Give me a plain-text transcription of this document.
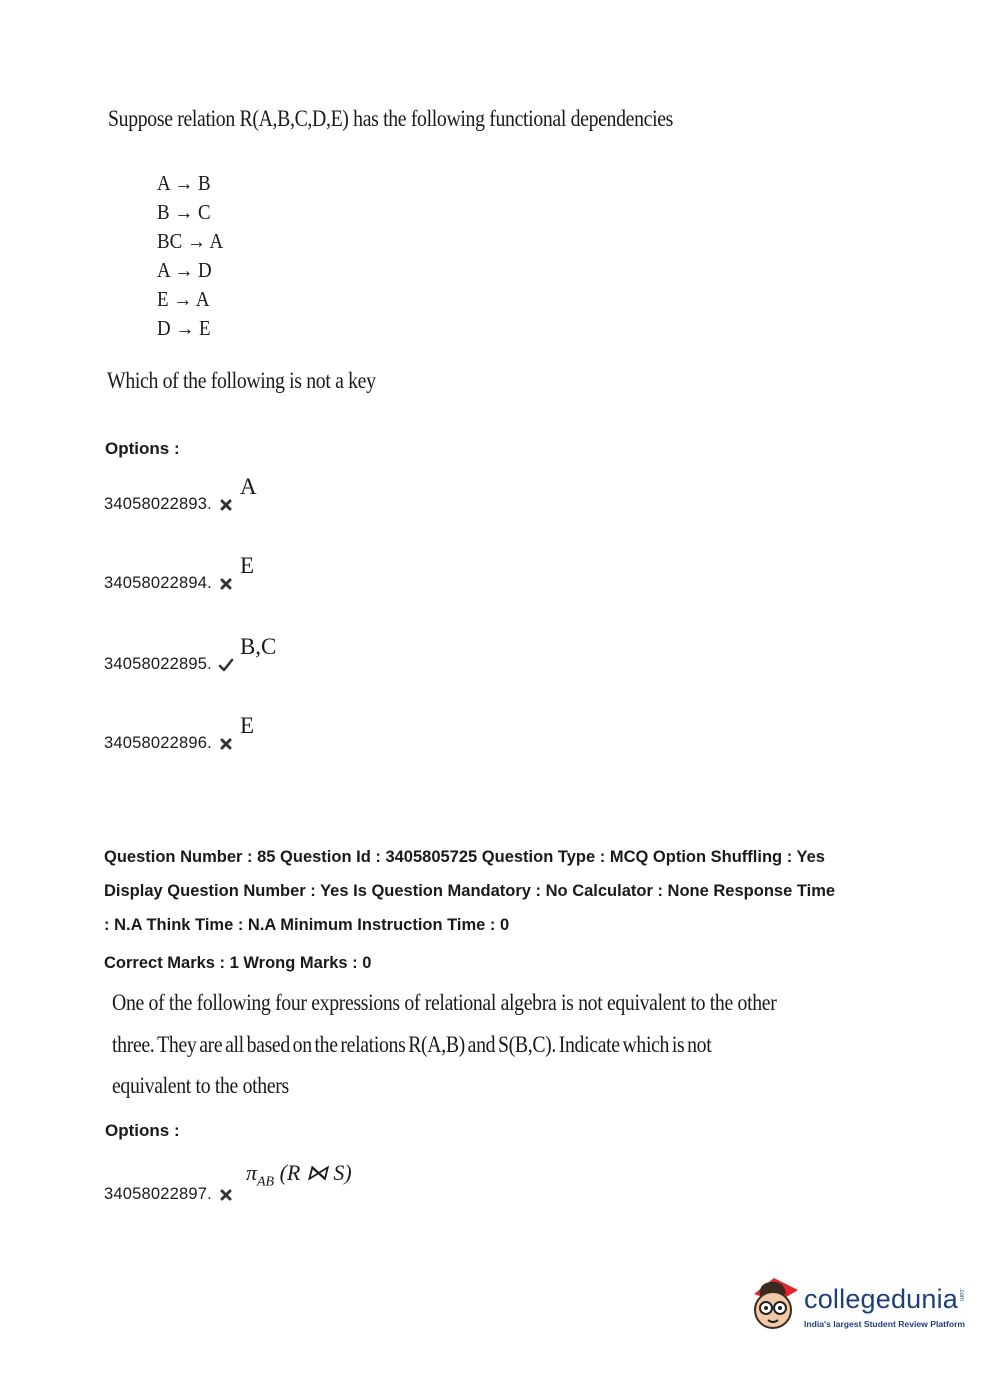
Suppose relation R(A,B,C,D,E) has the following functional dependencies
A → B
B → C
BC → A
A → D
E → A
D → E
Which of the following is not a key
Options :
34058022893.
A
34058022894.
E
34058022895.
B,C
34058022896.
E
Question Number : 85 Question Id : 3405805725 Question Type : MCQ Option Shuffling : Yes
Display Question Number : Yes Is Question Mandatory : No Calculator : None Response Time
: N.A Think Time : N.A Minimum Instruction Time : 0
Correct Marks : 1 Wrong Marks : 0
One of the following four expressions of relational algebra is not equivalent to the other
three. They are all based on the relations R(A,B) and S(B,C). Indicate which is not
equivalent to the others
Options :
34058022897.
$\pi_{AB}$ (R ⋈ S)
collegedunia .com
India's largest Student Review Platform
